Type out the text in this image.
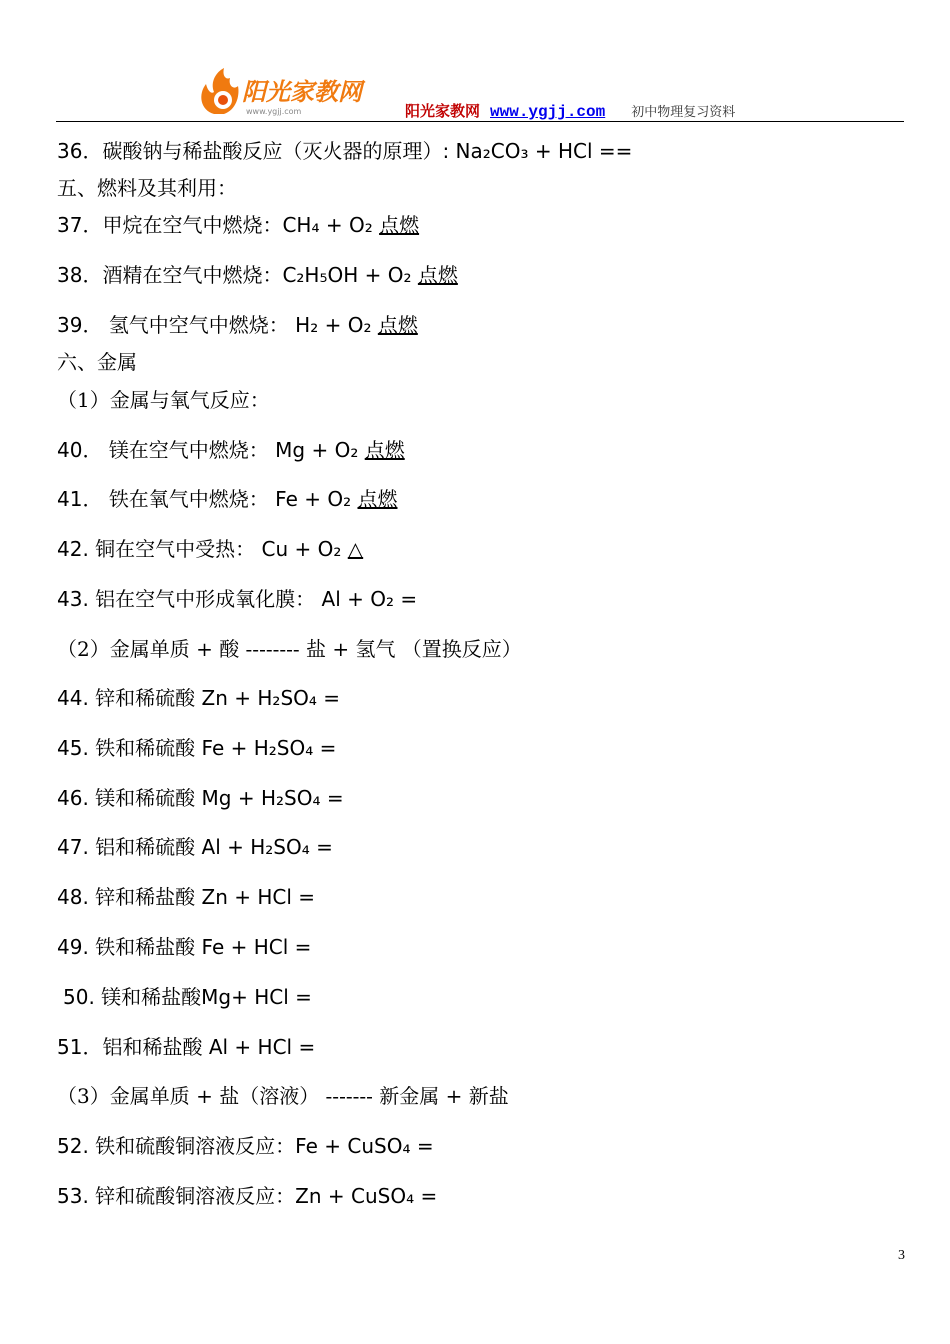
阳光家教网
www.ygjj.com	阳光家教网 www.ygjj.com 初中物理复习资料
36．碳酸钠与稀盐酸反应（灭火器的原理）: Na₂CO₃ + HCl ==
五、燃料及其利用：
37．甲烷在空气中燃烧：CH₄ + O₂ 点燃
38．酒精在空气中燃烧：C₂H₅OH + O₂ 点燃
39． 氢气中空气中燃烧： H₂ + O₂ 点燃
六、金属
（1）金属与氧气反应：
40． 镁在空气中燃烧： Mg + O₂ 点燃
41． 铁在氧气中燃烧： Fe + O₂ 点燃
42. 铜在空气中受热： Cu + O₂ △
43. 铝在空气中形成氧化膜： Al + O₂ =
（2）金属单质 + 酸 -------- 盐 + 氢气 （置换反应）
44. 锌和稀硫酸 Zn + H₂SO₄ =
45. 铁和稀硫酸 Fe + H₂SO₄ =
46. 镁和稀硫酸 Mg + H₂SO₄ =
47. 铝和稀硫酸 Al + H₂SO₄ =
48. 锌和稀盐酸 Zn + HCl =
49. 铁和稀盐酸 Fe + HCl =
50. 镁和稀盐酸Mg+ HCl =
51．铝和稀盐酸 Al + HCl =
（3）金属单质 + 盐（溶液） ------- 新金属 + 新盐
52. 铁和硫酸铜溶液反应：Fe + CuSO₄ =
53. 锌和硫酸铜溶液反应：Zn + CuSO₄ =
3
